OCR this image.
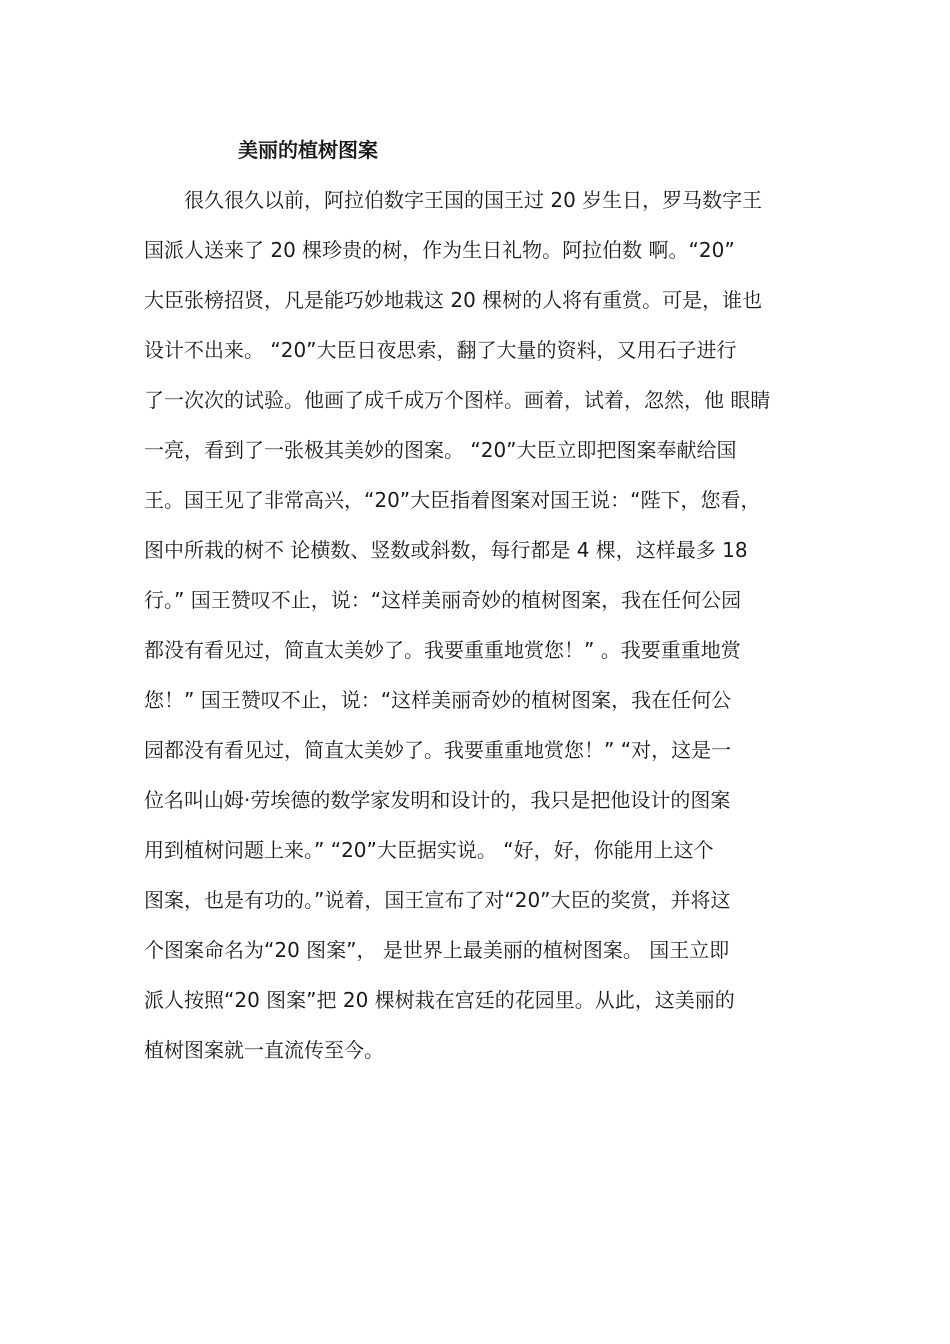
美丽的植树图案
　　很久很久以前，阿拉伯数字王国的国王过 20 岁生日，罗马数字王
国派人送来了 20 棵珍贵的树，作为生日礼物。阿拉伯数 啊。“20”
大臣张榜招贤，凡是能巧妙地栽这 20 棵树的人将有重赏。可是，谁也
设计不出来。 “20”大臣日夜思索，翻了大量的资料，又用石子进行
了一次次的试验。他画了成千成万个图样。画着，试着，忽然，他 眼睛
一亮，看到了一张极其美妙的图案。 “20”大臣立即把图案奉献给国
王。国王见了非常高兴，“20”大臣指着图案对国王说：“陛下，您看，
图中所栽的树不 论横数、竖数或斜数，每行都是 4 棵，这样最多 18
行。” 国王赞叹不止，说：“这样美丽奇妙的植树图案，我在任何公园
都没有看见过，简直太美妙了。我要重重地赏您！” 。我要重重地赏
您！” 国王赞叹不止，说：“这样美丽奇妙的植树图案，我在任何公
园都没有看见过，简直太美妙了。我要重重地赏您！” “对，这是一
位名叫山姆·劳埃德的数学家发明和设计的，我只是把他设计的图案
用到植树问题上来。” “20”大臣据实说。 “好，好，你能用上这个
图案，也是有功的。”说着，国王宣布了对“20”大臣的奖赏，并将这
个图案命名为“20 图案”， 是世界上最美丽的植树图案。 国王立即
派人按照“20 图案”把 20 棵树栽在宫廷的花园里。从此，这美丽的
植树图案就一直流传至今。
